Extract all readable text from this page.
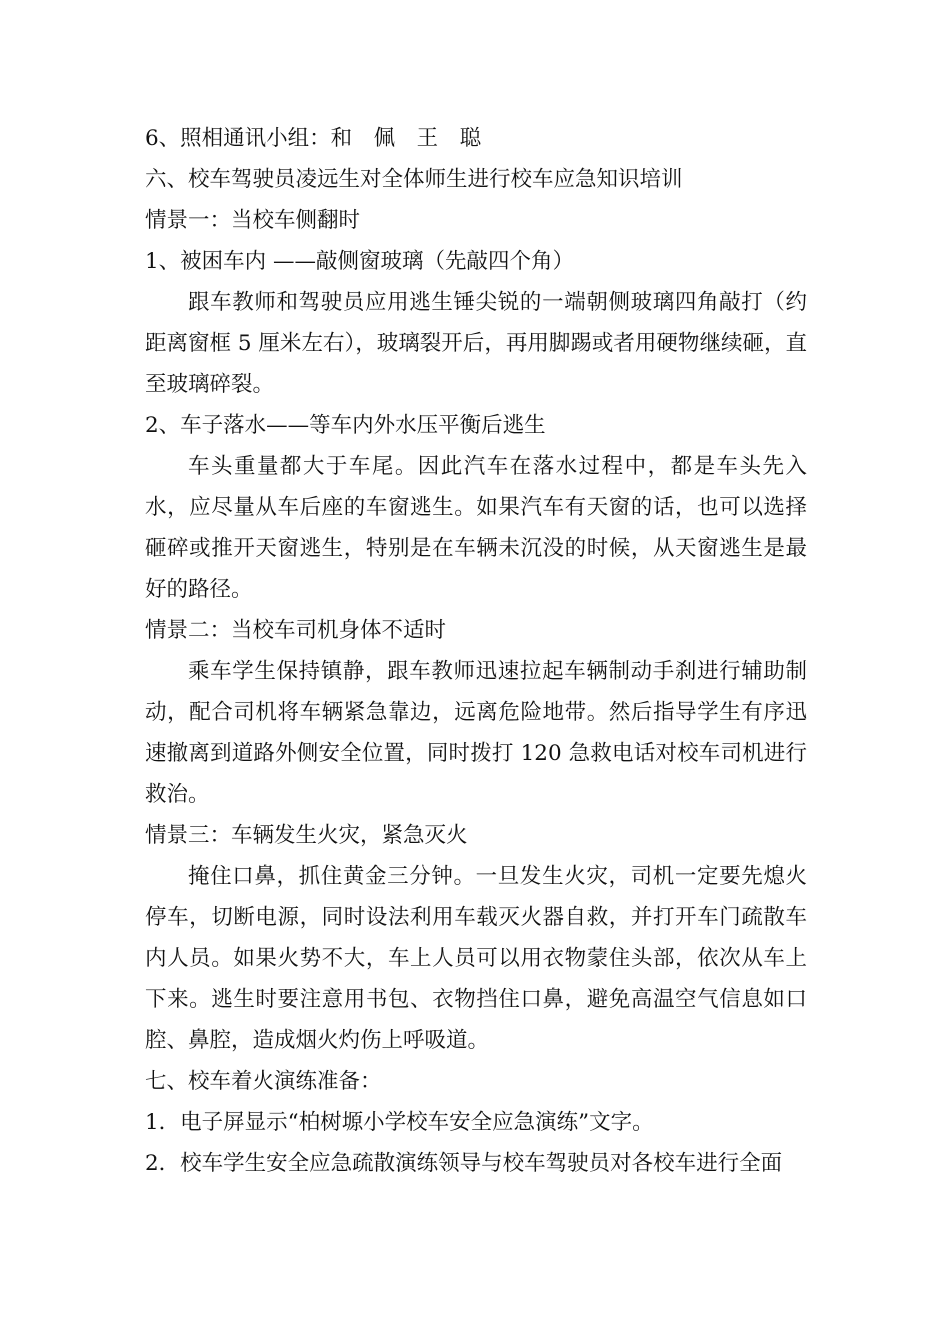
6、照相通讯小组：和　佩　王　聪

六、校车驾驶员凌远生对全体师生进行校车应急知识培训

情景一：当校车侧翻时

1、被困车内 ——敲侧窗玻璃（先敲四个角）

跟车教师和驾驶员应用逃生锤尖锐的一端朝侧玻璃四角敲打（约距离窗框 5 厘米左右），玻璃裂开后，再用脚踢或者用硬物继续砸，直至玻璃碎裂。

2、车子落水——等车内外水压平衡后逃生

车头重量都大于车尾。因此汽车在落水过程中，都是车头先入水，应尽量从车后座的车窗逃生。如果汽车有天窗的话，也可以选择砸碎或推开天窗逃生，特别是在车辆未沉没的时候，从天窗逃生是最好的路径。

情景二：当校车司机身体不适时

乘车学生保持镇静，跟车教师迅速拉起车辆制动手刹进行辅助制动，配合司机将车辆紧急靠边，远离危险地带。然后指导学生有序迅速撤离到道路外侧安全位置，同时拨打 120 急救电话对校车司机进行救治。

情景三：车辆发生火灾，紧急灭火

掩住口鼻，抓住黄金三分钟。一旦发生火灾，司机一定要先熄火停车，切断电源，同时设法利用车载灭火器自救，并打开车门疏散车内人员。如果火势不大，车上人员可以用衣物蒙住头部，依次从车上下来。逃生时要注意用书包、衣物挡住口鼻，避免高温空气信息如口腔、鼻腔，造成烟火灼伤上呼吸道。

七、校车着火演练准备：

1．电子屏显示“柏树塬小学校车安全应急演练”文字。

2．校车学生安全应急疏散演练领导与校车驾驶员对各校车进行全面
